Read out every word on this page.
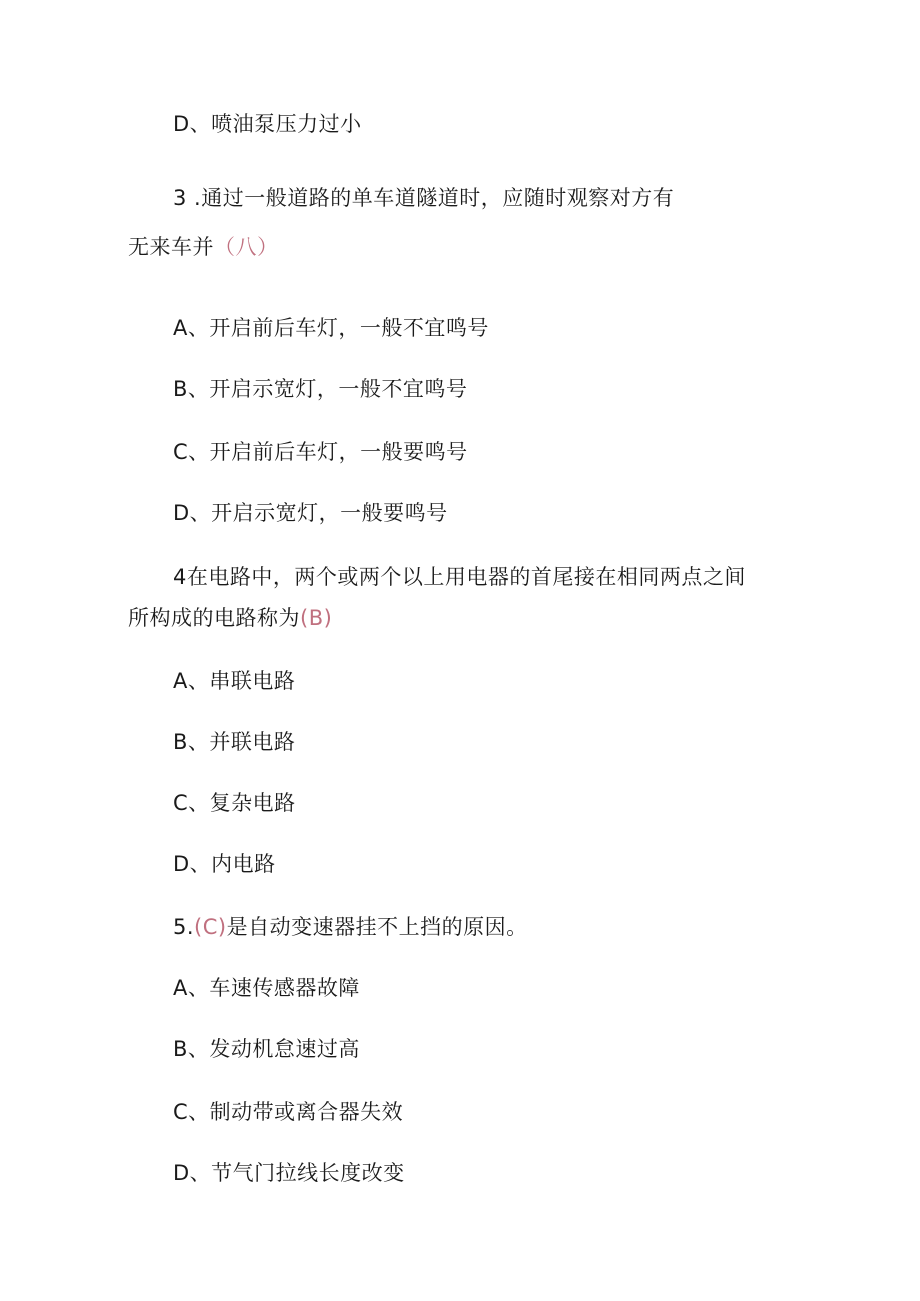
D、喷油泵压力过小
3 .通过一般道路的单车道隧道时，应随时观察对方有
无来车并（八）
A、开启前后车灯，一般不宜鸣号
B、开启示宽灯，一般不宜鸣号
C、开启前后车灯，一般要鸣号
D、开启示宽灯，一般要鸣号
4在电路中，两个或两个以上用电器的首尾接在相同两点之间
所构成的电路称为(B)
A、串联电路
B、并联电路
C、复杂电路
D、内电路
5.(C)是自动变速器挂不上挡的原因。
A、车速传感器故障
B、发动机怠速过高
C、制动带或离合器失效
D、节气门拉线长度改变
